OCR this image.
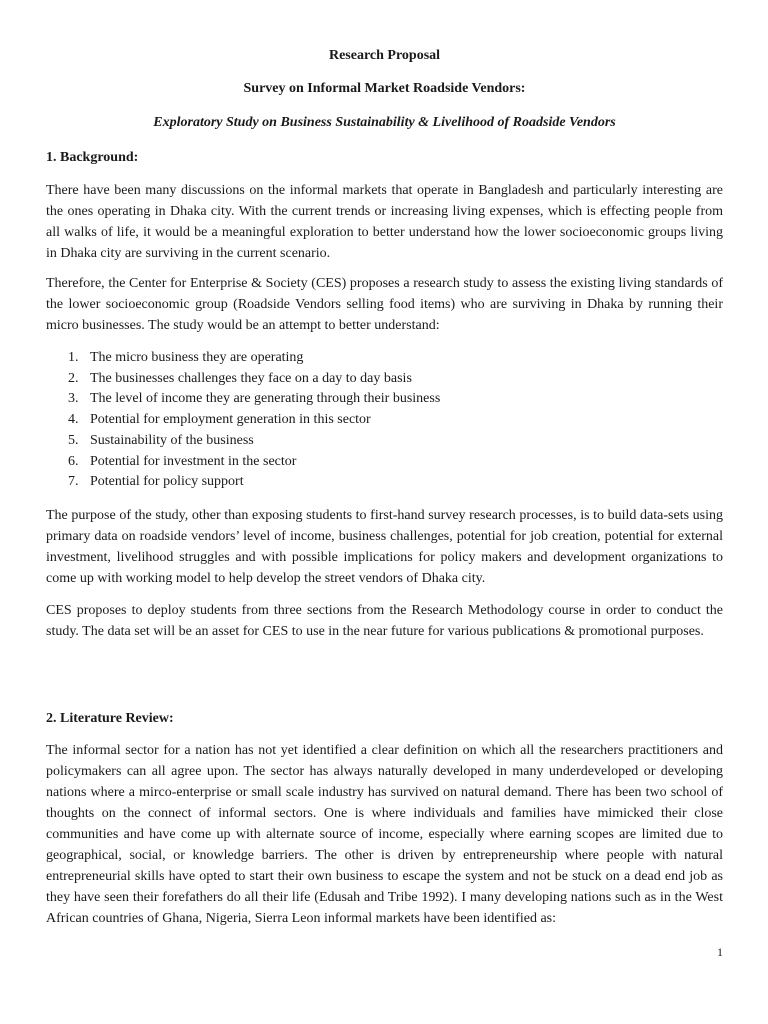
Research Proposal
Survey on Informal Market Roadside Vendors:
Exploratory Study on Business Sustainability & Livelihood of Roadside Vendors
1. Background:

There have been many discussions on the informal markets that operate in Bangladesh and particularly interesting are the ones operating in Dhaka city. With the current trends or increasing living expenses, which is effecting people from all walks of life, it would be a meaningful exploration to better understand how the lower socioeconomic groups living in Dhaka city are surviving in the current scenario.

Therefore, the Center for Enterprise & Society (CES) proposes a research study to assess the existing living standards of the lower socioeconomic group (Roadside Vendors selling food items) who are surviving in Dhaka by running their micro businesses. The study would be an attempt to better understand:

1. The micro business they are operating
2. The businesses challenges they face on a day to day basis
3. The level of income they are generating through their business
4. Potential for employment generation in this sector
5. Sustainability of the business
6. Potential for investment in the sector
7. Potential for policy support

The purpose of the study, other than exposing students to first-hand survey research processes, is to build data-sets using primary data on roadside vendors’ level of income, business challenges, potential for job creation, potential for external investment, livelihood struggles and with possible implications for policy makers and development organizations to come up with working model to help develop the street vendors of Dhaka city.

CES proposes to deploy students from three sections from the Research Methodology course in order to conduct the study. The data set will be an asset for CES to use in the near future for various publications & promotional purposes.

2. Literature Review:

The informal sector for a nation has not yet identified a clear definition on which all the researchers practitioners and policymakers can all agree upon. The sector has always naturally developed in many underdeveloped or developing nations where a mirco-enterprise or small scale industry has survived on natural demand. There has been two school of thoughts on the connect of informal sectors. One is where individuals and families have mimicked their close communities and have come up with alternate source of income, especially where earning scopes are limited due to geographical, social, or knowledge barriers. The other is driven by entrepreneurship where people with natural entrepreneurial skills have opted to start their own business to escape the system and not be stuck on a dead end job as they have seen their forefathers do all their life (Edusah and Tribe 1992). I many developing nations such as in the West African countries of Ghana, Nigeria, Sierra Leon informal markets have been identified as:

1
